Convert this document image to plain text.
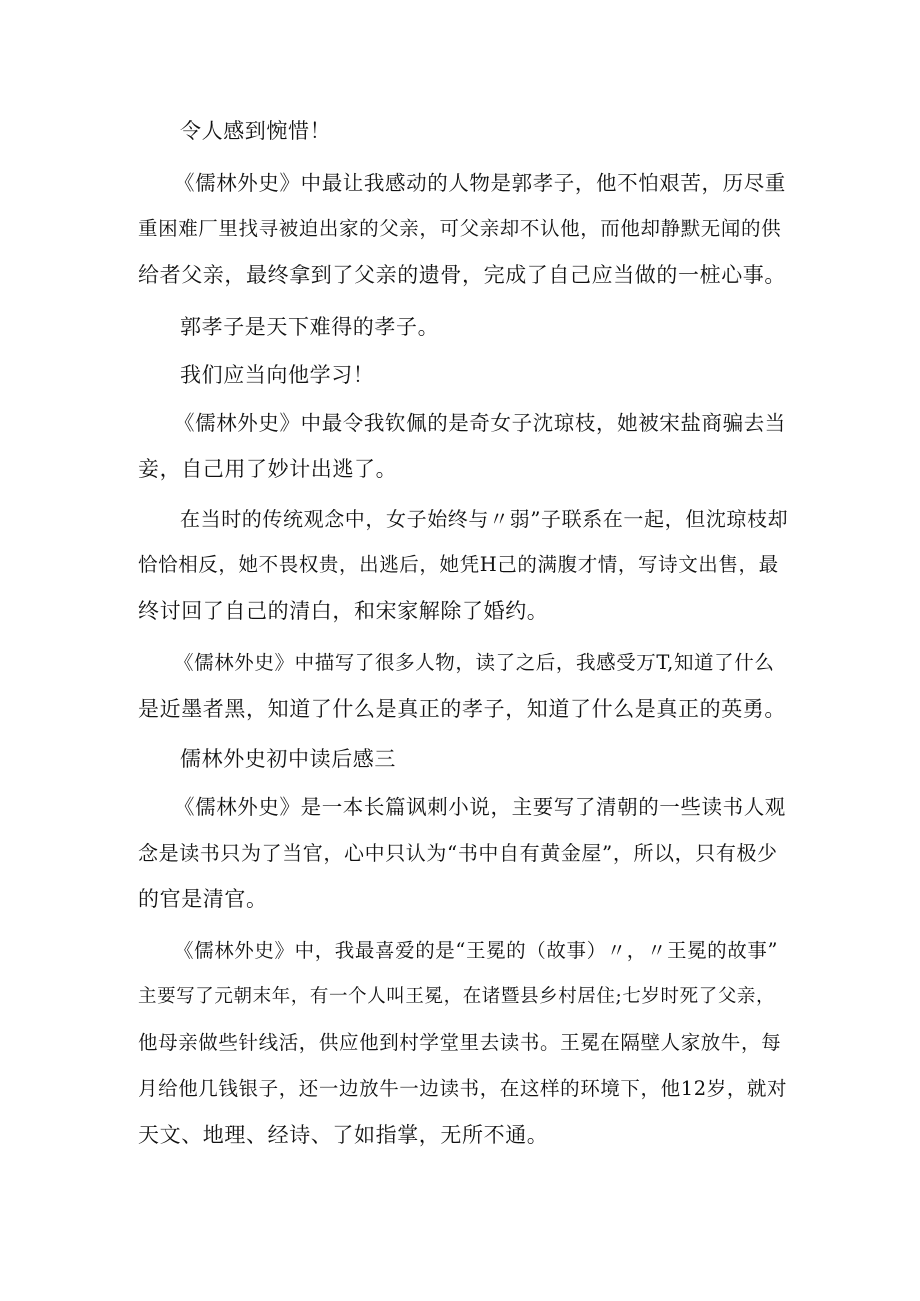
令人感到惋惜！
《儒林外史》中最让我感动的人物是郭孝子，他不怕艰苦，历尽重
重困难厂里找寻被迫出家的父亲，可父亲却不认他，而他却静默无闻的供
给者父亲，最终拿到了父亲的遗骨，完成了自己应当做的一桩心事。
郭孝子是天下难得的孝子。
我们应当向他学习！
《儒林外史》中最令我钦佩的是奇女子沈琼枝，她被宋盐商骗去当
妾，自己用了妙计出逃了。
在当时的传统观念中，女子始终与〃弱”子联系在一起，但沈琼枝却
恰恰相反，她不畏权贵，出逃后，她凭H己的满腹才情，写诗文出售，最
终讨回了自己的清白，和宋家解除了婚约。
《儒林外史》中描写了很多人物，读了之后，我感受万T,知道了什么
是近墨者黑，知道了什么是真正的孝子，知道了什么是真正的英勇。
儒林外史初中读后感三
《儒林外史》是一本长篇讽刺小说，主要写了清朝的一些读书人观
念是读书只为了当官，心中只认为“书中自有黄金屋”，所以，只有极少
的官是清官。
《儒林外史》中，我最喜爱的是“王冕的（故事）〃，〃王冕的故事”
主要写了元朝末年，有一个人叫王冕，在诸暨县乡村居住;七岁时死了父亲，
他母亲做些针线活，供应他到村学堂里去读书。王冕在隔壁人家放牛，每
月给他几钱银子，还一边放牛一边读书，在这样的环境下，他12岁，就对
天文、地理、经诗、了如指掌，无所不通。
